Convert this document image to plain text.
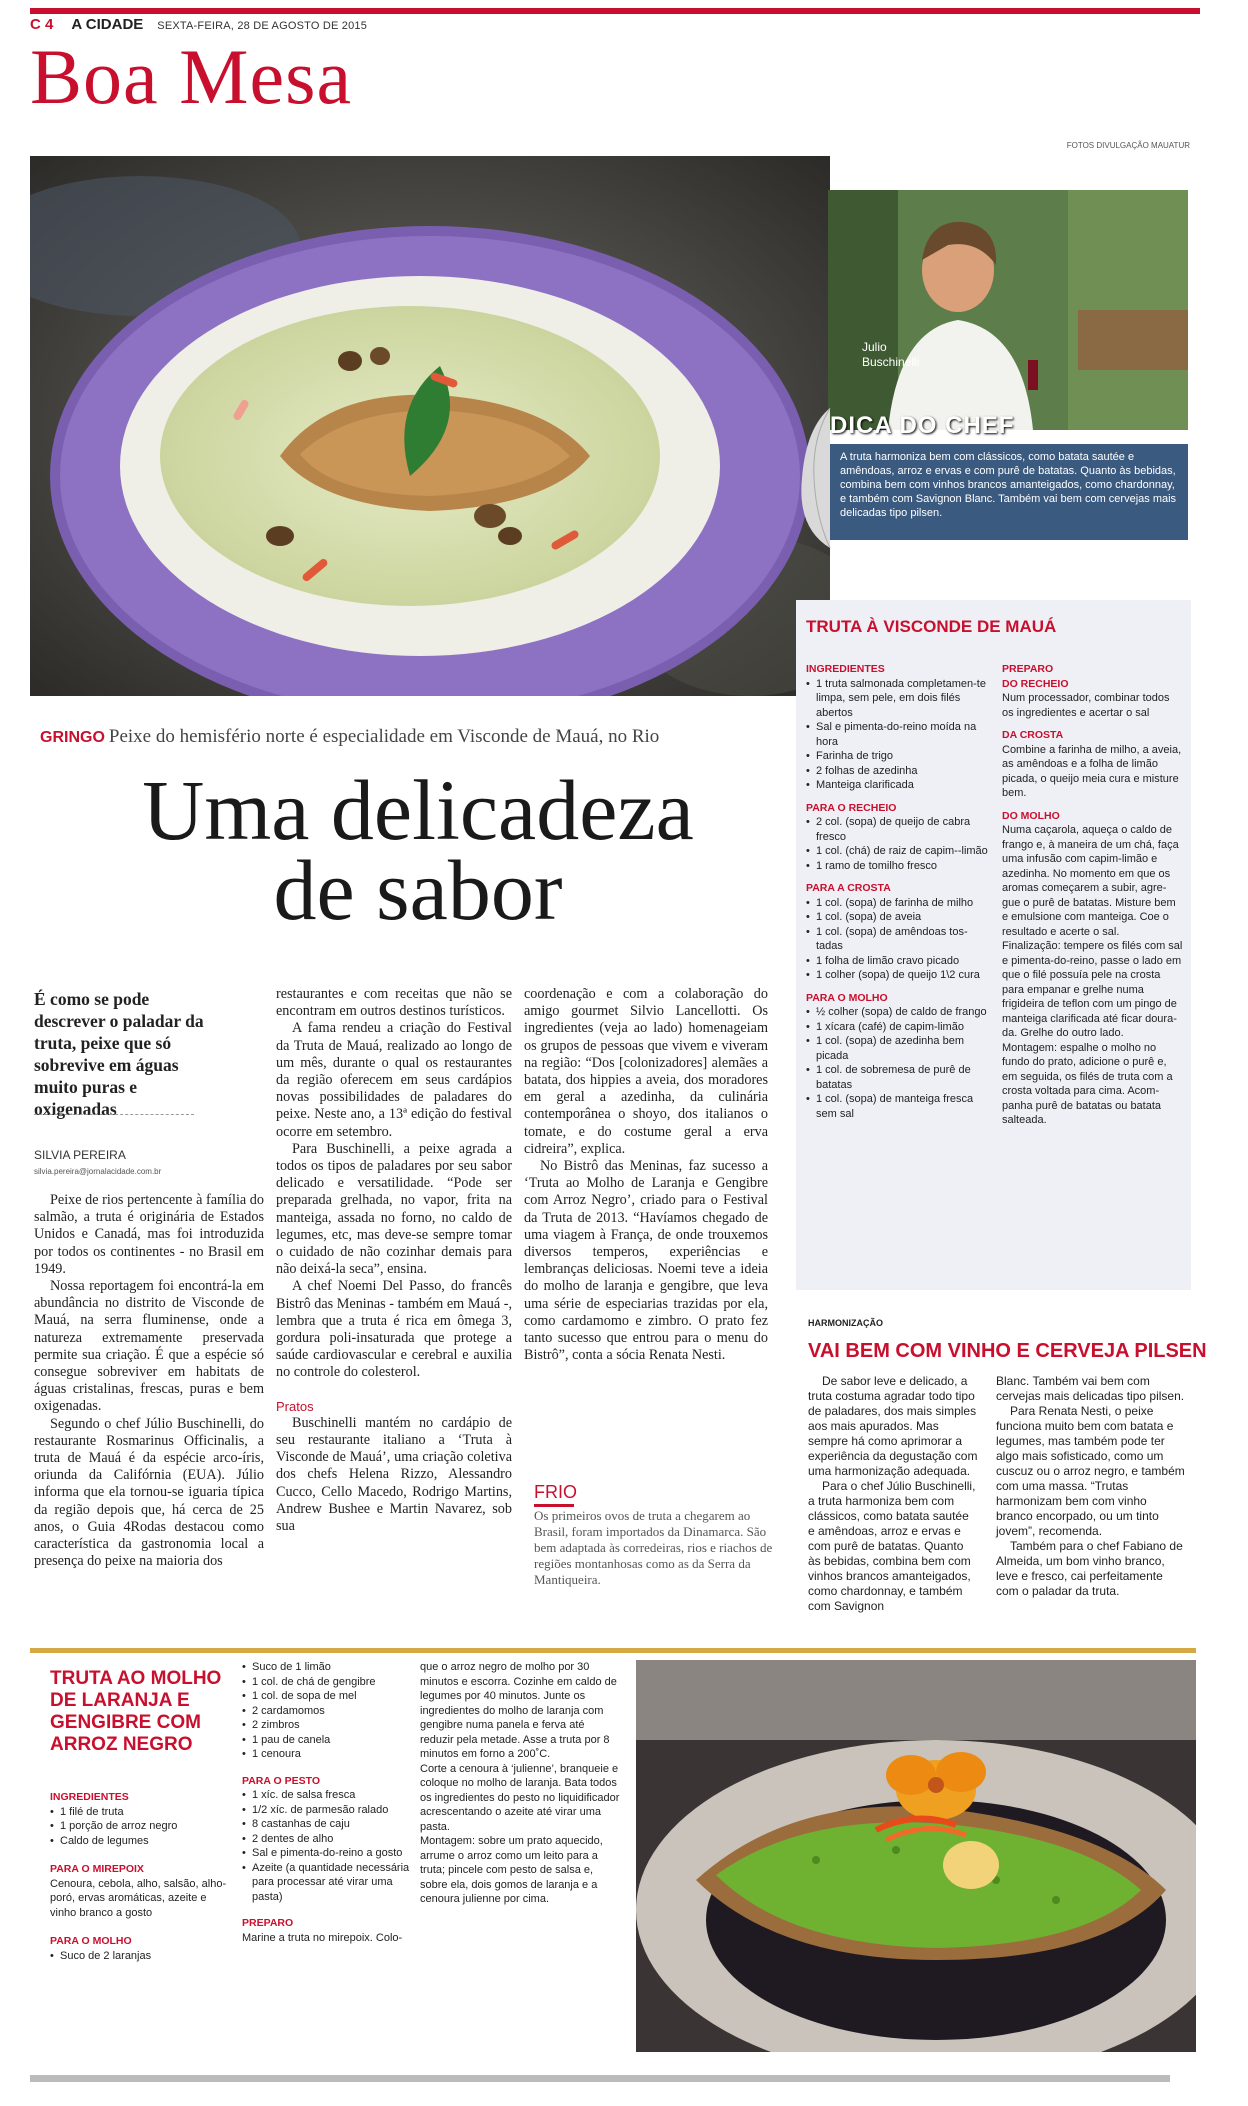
C 4 A CIDADE SEXTA-FEIRA, 28 DE AGOSTO DE 2015
Boa Mesa
FOTOS DIVULGAÇÃO MAUATUR
Julio
Buschinelli
DICA DO CHEF
A truta harmoniza bem com clássicos, como batata sautée e amêndoas, arroz e ervas e com purê de batatas. Quanto às bebidas, combina bem com vinhos brancos amanteigados, como chardonnay, e também com Savignon Blanc. Também vai bem com cervejas mais delicadas tipo pilsen.
TRUTA À VISCONDE DE MAUÁ
INGREDIENTES
• 1 truta salmonada completamen-te limpa, sem pele, em dois filés abertos
• Sal e pimenta-do-reino moída na hora
• Farinha de trigo
• 2 folhas de azedinha
• Manteiga clarificada
PARA O RECHEIO
• 2 col. (sopa) de queijo de cabra fresco
• 1 col. (chá) de raiz de capim--limão
• 1 ramo de tomilho fresco
PARA A CROSTA
• 1 col. (sopa) de farinha de milho
• 1 col. (sopa) de aveia
• 1 col. (sopa) de amêndoas tos-tadas
• 1 folha de limão cravo picado
• 1 colher (sopa) de queijo 1\2 cura
PARA O MOLHO
• ½ colher (sopa) de caldo de frango
• 1 xícara (café) de capim-limão
• 1 col. (sopa) de azedinha bem picada
• 1 col. de sobremesa de purê de batatas
• 1 col. (sopa) de manteiga fresca sem sal
PREPARO
DO RECHEIO
Num processador, combinar todos os ingredientes e acertar o sal
DA CROSTA
Combine a farinha de milho, a aveia, as amêndoas e a folha de limão picada, o queijo meia cura e misture bem.
DO MOLHO
Numa caçarola, aqueça o caldo de frango e, à maneira de um chá, faça uma infusão com capim-limão e azedinha. No momento em que os aromas começarem a subir, agre-gue o purê de batatas. Misture bem e emulsione com manteiga. Coe o resultado e acerte o sal.
Finalização: tempere os filés com sal e pimenta-do-reino, passe o lado em que o filé possuía pele na crosta para empanar e grelhe numa frigideira de teflon com um pingo de manteiga clarificada até ficar doura-da. Grelhe do outro lado.
Montagem: espalhe o molho no fundo do prato, adicione o purê e, em seguida, os filés de truta com a crosta voltada para cima. Acom-panha purê de batatas ou batata salteada.
GRINGO Peixe do hemisfério norte é especialidade em Visconde de Mauá, no Rio
Uma delicadeza
de sabor
É como se pode descrever o paladar da truta, peixe que só sobrevive em águas muito puras e oxigenadas
SILVIA PEREIRA
silvia.pereira@jornalacidade.com.br

Peixe de rios pertencente à família do salmão, a truta é originária de Estados Unidos e Canadá, mas foi introduzida por todos os continentes - no Brasil em 1949.

Nossa reportagem foi encontrá-la em abundância no distrito de Visconde de Mauá, na serra fluminense, onde a natureza extremamente preservada permite sua criação. É que a espécie só consegue sobreviver em habitats de águas cristalinas, frescas, puras e bem oxigenadas.

Segundo o chef Júlio Buschinelli, do restaurante Rosmarinus Officinalis, a truta de Mauá é da espécie arco-íris, oriunda da Califórnia (EUA). Júlio informa que ela tornou-se iguaria típica da região depois que, há cerca de 25 anos, o Guia 4Rodas destacou como característica da gastronomia local a presença do peixe na maioria dos

restaurantes e com receitas que não se encontram em outros destinos turísticos.

A fama rendeu a criação do Festival da Truta de Mauá, realizado ao longo de um mês, durante o qual os restaurantes da região oferecem em seus cardápios novas possibilidades de paladares do peixe. Neste ano, a 13ª edição do festival ocorre em setembro.

Para Buschinelli, a peixe agrada a todos os tipos de paladares por seu sabor delicado e versatilidade. “Pode ser preparada grelhada, no vapor, frita na manteiga, assada no forno, no caldo de legumes, etc, mas deve-se sempre tomar o cuidado de não cozinhar demais para não deixá-la seca”, ensina.

A chef Noemi Del Passo, do francês Bistrô das Meninas - também em Mauá -, lembra que a truta é rica em ômega 3, gordura poli-insaturada que protege a saúde cardiovascular e cerebral e auxilia no controle do colesterol.

Pratos

Buschinelli mantém no cardápio de seu restaurante italiano a ‘Truta à Visconde de Mauá’, uma criação coletiva dos chefs Helena Rizzo, Alessandro Cucco, Cello Macedo, Rodrigo Martins, Andrew Bushee e Martin Navarez, sob sua

coordenação e com a colaboração do amigo gourmet Silvio Lancellotti. Os ingredientes (veja ao lado) homenageiam os grupos de pessoas que vivem e viveram na região: “Dos [colonizadores] alemães a batata, dos hippies a aveia, dos moradores em geral a azedinha, da culinária contemporânea o shoyo, dos italianos o tomate, e do costume geral a erva cidreira”, explica.

No Bistrô das Meninas, faz sucesso a ‘Truta ao Molho de Laranja e Gengibre com Arroz Negro’, criado para o Festival da Truta de 2013. “Havíamos chegado de uma viagem à França, de onde trouxemos diversos temperos, experiências e lembranças deliciosas. Noemi teve a ideia do molho de laranja e gengibre, que leva uma série de especiarias trazidas por ela, como cardamomo e zimbro. O prato fez tanto sucesso que entrou para o menu do Bistrô”, conta a sócia Renata Nesti.

FRIO
Os primeiros ovos de truta a chegarem ao Brasil, foram importados da Dinamarca. São bem adaptada às corredeiras, rios e riachos de regiões montanhosas como as da Serra da Mantiqueira.
HARMONIZAÇÃO
VAI BEM COM VINHO E CERVEJA PILSEN

De sabor leve e delicado, a truta costuma agradar todo tipo de paladares, dos mais simples aos mais apurados. Mas sempre há como aprimorar a experiência da degustação com uma harmonização adequada.

Para o chef Júlio Buschinelli, a truta harmoniza bem com clássicos, como batata sautée e amêndoas, arroz e ervas e com purê de batatas. Quanto às bebidas, combina bem com vinhos brancos amanteigados, como chardonnay, e também com Savignon

Blanc. Também vai bem com cervejas mais delicadas tipo pilsen.

Para Renata Nesti, o peixe funciona muito bem com batata e legumes, mas também pode ter algo mais sofisticado, como um cuscuz ou o arroz negro, e também com uma massa. “Trutas harmonizam bem com vinho branco encorpado, ou um tinto jovem”, recomenda.

Também para o chef Fabiano de Almeida, um bom vinho branco, leve e fresco, cai perfeitamente com o paladar da truta.

TRUTA AO MOLHO DE LARANJA E GENGIBRE COM ARROZ NEGRO
INGREDIENTES
• 1 filé de truta
• 1 porção de arroz negro
• Caldo de legumes
PARA O MIREPOIX
Cenoura, cebola, alho, salsão, alho-poró, ervas aromáticas, azeite e vinho branco a gosto
PARA O MOLHO
• Suco de 2 laranjas
• Suco de 1 limão
• 1 col. de chá de gengibre
• 1 col. de sopa de mel
• 2 cardamomos
• 2 zimbros
• 1 pau de canela
• 1 cenoura
PARA O PESTO
• 1 xíc. de salsa fresca
• 1/2 xíc. de parmesão ralado
• 8 castanhas de caju
• 2 dentes de alho
• Sal e pimenta-do-reino a gosto
• Azeite (a quantidade necessária para processar até virar uma pasta)
PREPARO
Marine a truta no mirepoix. Colo-
que o arroz negro de molho por 30 minutos e escorra. Cozinhe em caldo de legumes por 40 minutos. Junte os ingredientes do molho de laranja com gengibre numa panela e ferva até reduzir pela metade. Asse a truta por 8 minutos em forno a 200˚C.
Corte a cenoura à ‘julienne’, branqueie e coloque no molho de laranja. Bata todos os ingredientes do pesto no liquidificador acrescentando o azeite até virar uma pasta.
Montagem: sobre um prato aquecido, arrume o arroz como um leito para a truta; pincele com pesto de salsa e, sobre ela, dois gomos de laranja e a cenoura julienne por cima.
